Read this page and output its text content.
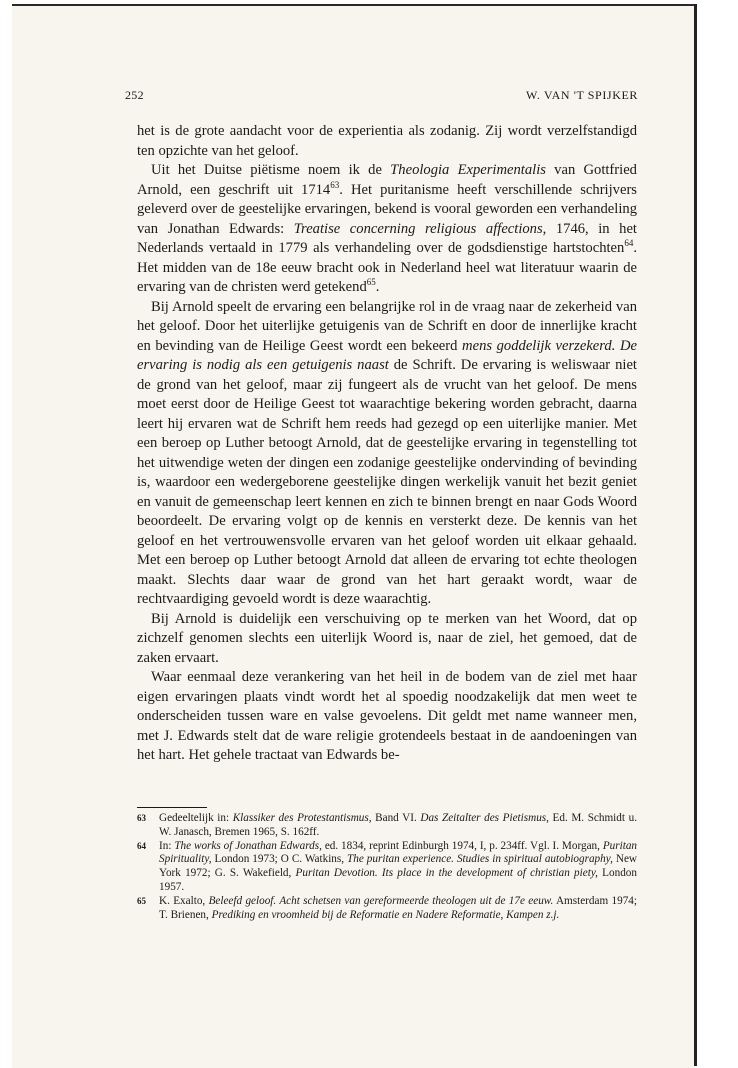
252	W. VAN 'T SPIJKER

het is de grote aandacht voor de experientia als zodanig. Zij wordt verzelfstandigd ten opzichte van het geloof.

Uit het Duitse piëtisme noem ik de Theologia Experimentalis van Gottfried Arnold, een geschrift uit 1714$^{63}$. Het puritanisme heeft verschillende schrijvers geleverd over de geestelijke ervaringen, bekend is vooral geworden een verhandeling van Jonathan Edwards: Treatise concerning religious affections, 1746, in het Nederlands vertaald in 1779 als verhandeling over de godsdienstige hartstochten$^{64}$. Het midden van de 18e eeuw bracht ook in Nederland heel wat literatuur waarin de ervaring van de christen werd getekend$^{65}$.

Bij Arnold speelt de ervaring een belangrijke rol in de vraag naar de zekerheid van het geloof. Door het uiterlijke getuigenis van de Schrift en door de innerlijke kracht en bevinding van de Heilige Geest wordt een bekeerd mens goddelijk verzekerd. De ervaring is nodig als een getuigenis naast de Schrift. De ervaring is weliswaar niet de grond van het geloof, maar zij fungeert als de vrucht van het geloof. De mens moet eerst door de Heilige Geest tot waarachtige bekering worden gebracht, daarna leert hij ervaren wat de Schrift hem reeds had gezegd op een uiterlijke manier. Met een beroep op Luther betoogt Arnold, dat de geestelijke ervaring in tegenstelling tot het uitwendige weten der dingen een zodanige geestelijke ondervinding of bevinding is, waardoor een wedergeborene geestelijke dingen werkelijk vanuit het bezit geniet en vanuit de gemeenschap leert kennen en zich te binnen brengt en naar Gods Woord beoordeelt. De ervaring volgt op de kennis en versterkt deze. De kennis van het geloof en het vertrouwensvolle ervaren van het geloof worden uit elkaar gehaald. Met een beroep op Luther betoogt Arnold dat alleen de ervaring tot echte theologen maakt. Slechts daar waar de grond van het hart geraakt wordt, waar de rechtvaardiging gevoeld wordt is deze waarachtig.

Bij Arnold is duidelijk een verschuiving op te merken van het Woord, dat op zichzelf genomen slechts een uiterlijk Woord is, naar de ziel, het gemoed, dat de zaken ervaart.

Waar eenmaal deze verankering van het heil in de bodem van de ziel met haar eigen ervaringen plaats vindt wordt het al spoedig noodzakelijk dat men weet te onderscheiden tussen ware en valse gevoelens. Dit geldt met name wanneer men, met J. Edwards stelt dat de ware religie grotendeels bestaat in de aandoeningen van het hart. Het gehele tractaat van Edwards be-

63 Gedeeltelijk in: Klassiker des Protestantismus, Band VI. Das Zeitalter des Pietismus, Ed. M. Schmidt u. W. Janasch, Bremen 1965, S. 162ff.
64 In: The works of Jonathan Edwards, ed. 1834, reprint Edinburgh 1974, I, p. 234ff. Vgl. I. Morgan, Puritan Spirituality, London 1973; O C. Watkins, The puritan experience. Studies in spiritual autobiography, New York 1972; G. S. Wakefield, Puritan Devotion. Its place in the development of christian piety, London 1957.
65 K. Exalto, Beleefd geloof. Acht schetsen van gereformeerde theologen uit de 17e eeuw. Amsterdam 1974; T. Brienen, Prediking en vroomheid bij de Reformatie en Nadere Reformatie, Kampen z.j.
